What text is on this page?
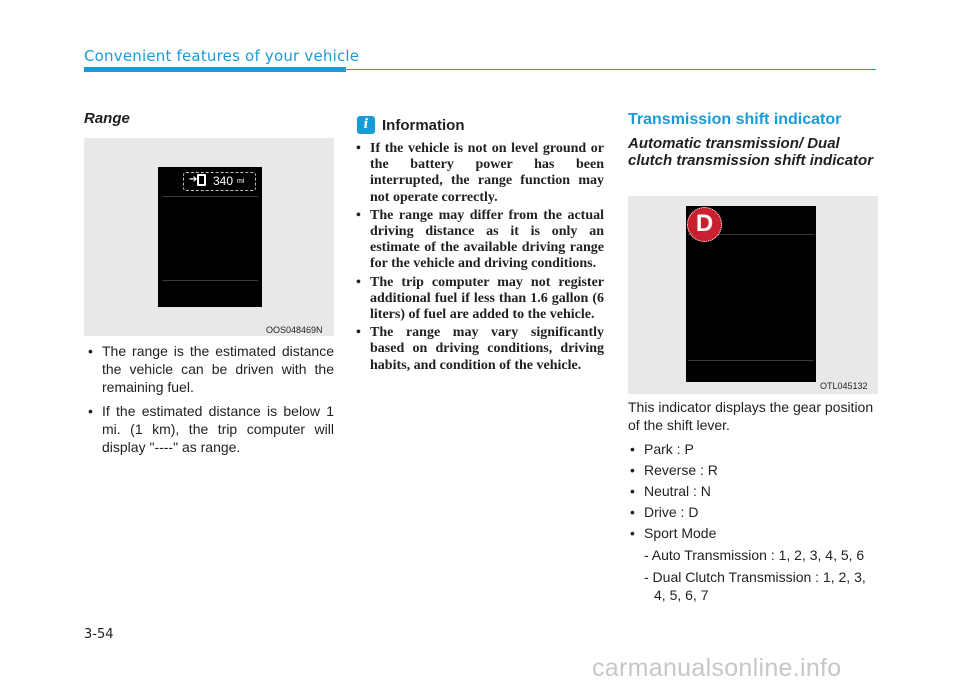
Convenient features of your vehicle
Range
➔ 340 mi
OOS048469N
• The range is the estimated distance the vehicle can be driven with the remaining fuel.
• If the estimated distance is below 1 mi. (1 km), the trip computer will display "----" as range.
i Information
• If the vehicle is not on level ground or the battery power has been interrupted, the range function may not operate correctly.
• The range may differ from the actual driving distance as it is only an estimate of the available driving range for the vehicle and driving conditions.
• The trip computer may not register additional fuel if less than 1.6 gallon (6 liters) of fuel are added to the vehicle.
• The range may vary significantly based on driving conditions, driving habits, and condition of the vehicle.
Transmission shift indicator
Automatic transmission/ Dual clutch transmission shift indicator
D
OTL045132
This indicator displays the gear position of the shift lever.
• Park : P
• Reverse : R
• Neutral : N
• Drive : D
• Sport Mode
- Auto Transmission : 1, 2, 3, 4, 5, 6
- Dual Clutch Transmission : 1, 2, 3, 4, 5, 6, 7
3-54
carmanualsonline.info
